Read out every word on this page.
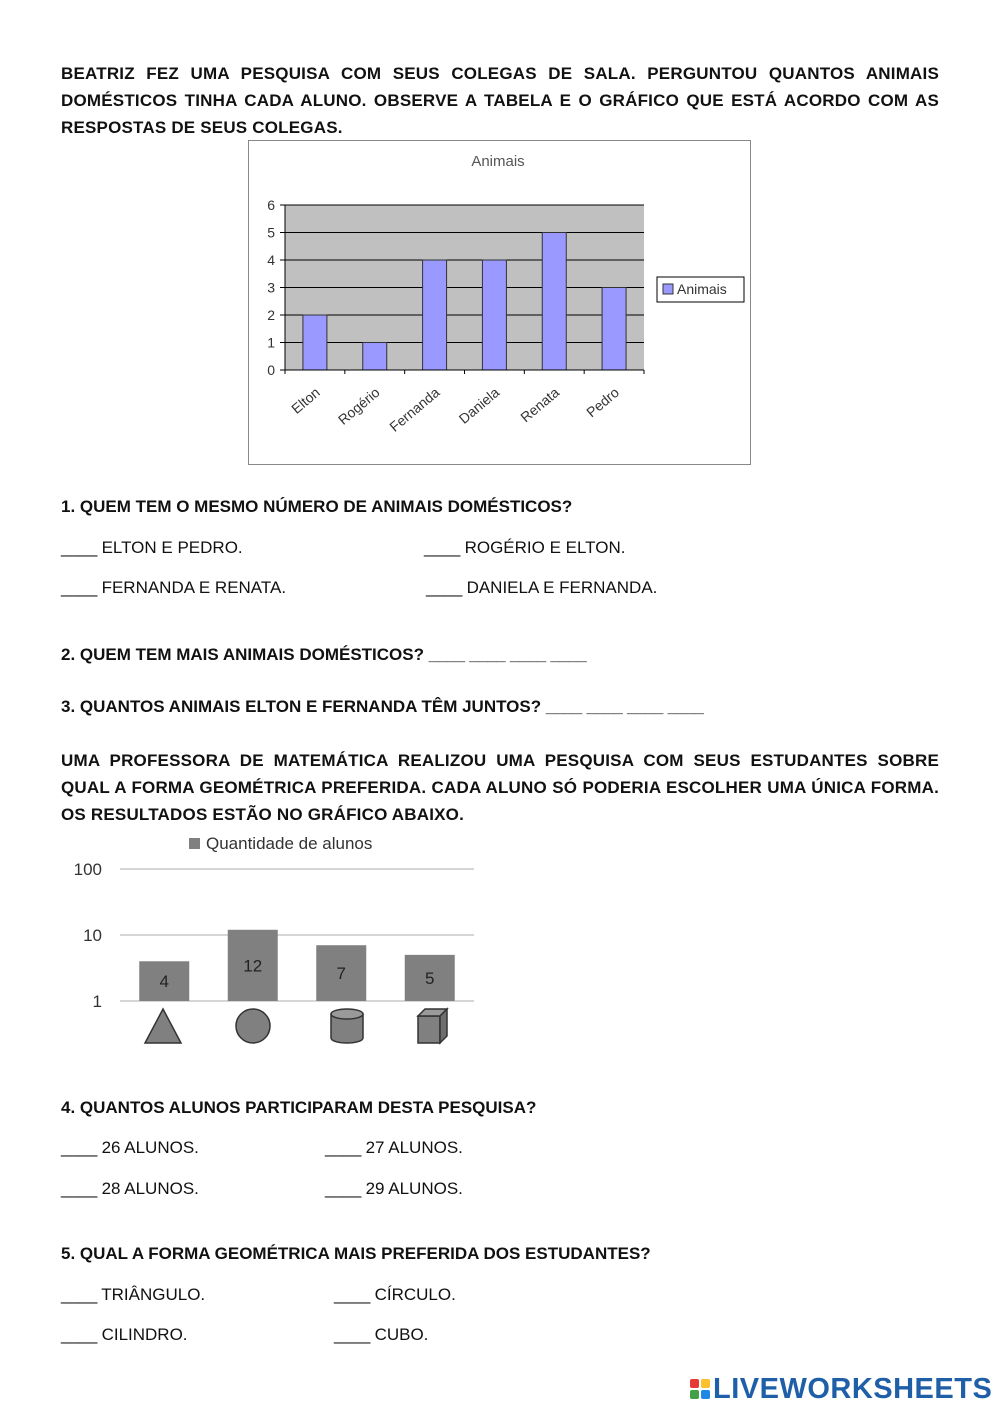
BEATRIZ FEZ UMA PESQUISA COM SEUS COLEGAS DE SALA. PERGUNTOU QUANTOS ANIMAIS DOMÉSTICOS TINHA CADA ALUNO. OBSERVE A TABELA E O GRÁFICO QUE ESTÁ ACORDO COM AS RESPOSTAS DE SEUS COLEGAS.
Animais
0
1
2
3
4
5
6
Elton Rogério Fernanda Daniela Renata Pedro
Animais
1. QUEM TEM O MESMO NÚMERO DE ANIMAIS DOMÉSTICOS?
____ ELTON E PEDRO.	____ ROGÉRIO E ELTON.
____ FERNANDA E RENATA.	____ DANIELA E FERNANDA.
2. QUEM TEM MAIS ANIMAIS DOMÉSTICOS? ____ ____ ____ ____
3. QUANTOS ANIMAIS ELTON E FERNANDA TÊM JUNTOS? ____ ____ ____ ____
UMA PROFESSORA DE MATEMÁTICA REALIZOU UMA PESQUISA COM SEUS ESTUDANTES SOBRE QUAL A FORMA GEOMÉTRICA PREFERIDA. CADA ALUNO SÓ PODERIA ESCOLHER UMA ÚNICA FORMA. OS RESULTADOS ESTÃO NO GRÁFICO ABAIXO.
Quantidade de alunos
1
10
100
4
12	7	5
4. QUANTOS ALUNOS PARTICIPARAM DESTA PESQUISA?
____ 26 ALUNOS.	____ 27 ALUNOS.
____ 28 ALUNOS.	____ 29 ALUNOS.
5. QUAL A FORMA GEOMÉTRICA MAIS PREFERIDA DOS ESTUDANTES?
____ TRIÂNGULO.	____ CÍRCULO.
____ CILINDRO.	____ CUBO.
LIVEWORKSHEETS
